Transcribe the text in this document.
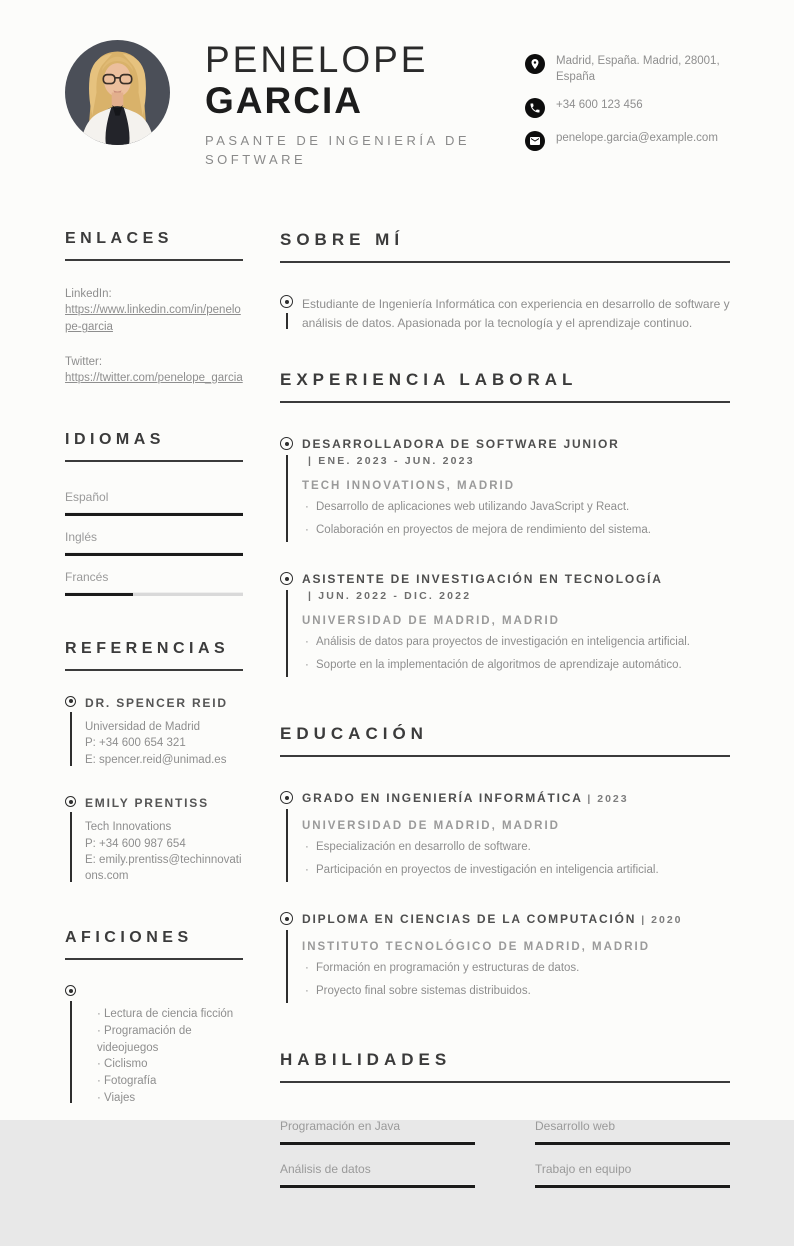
PENELOPE
GARCIA
PASANTE DE INGENIERÍA DE SOFTWARE
Madrid, España. Madrid, 28001, España
+34 600 123 456
penelope.garcia@example.com
ENLACES
LinkedIn:
https://www.linkedin.com/in/penelope-garcia
Twitter:
https://twitter.com/penelope_garcia
IDIOMAS
Español
Inglés
Francés
REFERENCIAS
DR. SPENCER REID
Universidad de Madrid
P: +34 600 654 321
E: spencer.reid@unimad.es
EMILY PRENTISS
Tech Innovations
P: +34 600 987 654
E: emily.prentiss@techinnovations.com
AFICIONES
· Lectura de ciencia ficción
· Programación de videojuegos
· Ciclismo
· Fotografía
· Viajes
SOBRE MÍ

Estudiante de Ingeniería Informática con experiencia en desarrollo de software y análisis de datos. Apasionada por la tecnología y el aprendizaje continuo.

EXPERIENCIA LABORAL
DESARROLLADORA DE SOFTWARE JUNIOR
| ENE. 2023 - JUN. 2023
TECH INNOVATIONS, MADRID
· Desarrollo de aplicaciones web utilizando JavaScript y React.
· Colaboración en proyectos de mejora de rendimiento del sistema.
ASISTENTE DE INVESTIGACIÓN EN TECNOLOGÍA
| JUN. 2022 - DIC. 2022
UNIVERSIDAD DE MADRID, MADRID
· Análisis de datos para proyectos de investigación en inteligencia artificial.
· Soporte en la implementación de algoritmos de aprendizaje automático.
EDUCACIÓN
GRADO EN INGENIERÍA INFORMÁTICA | 2023
UNIVERSIDAD DE MADRID, MADRID
· Especialización en desarrollo de software.
· Participación en proyectos de investigación en inteligencia artificial.
DIPLOMA EN CIENCIAS DE LA COMPUTACIÓN | 2020
INSTITUTO TECNOLÓGICO DE MADRID, MADRID
· Formación en programación y estructuras de datos.
· Proyecto final sobre sistemas distribuidos.
HABILIDADES
Programación en Java	Desarrollo web
Análisis de datos	Trabajo en equipo
